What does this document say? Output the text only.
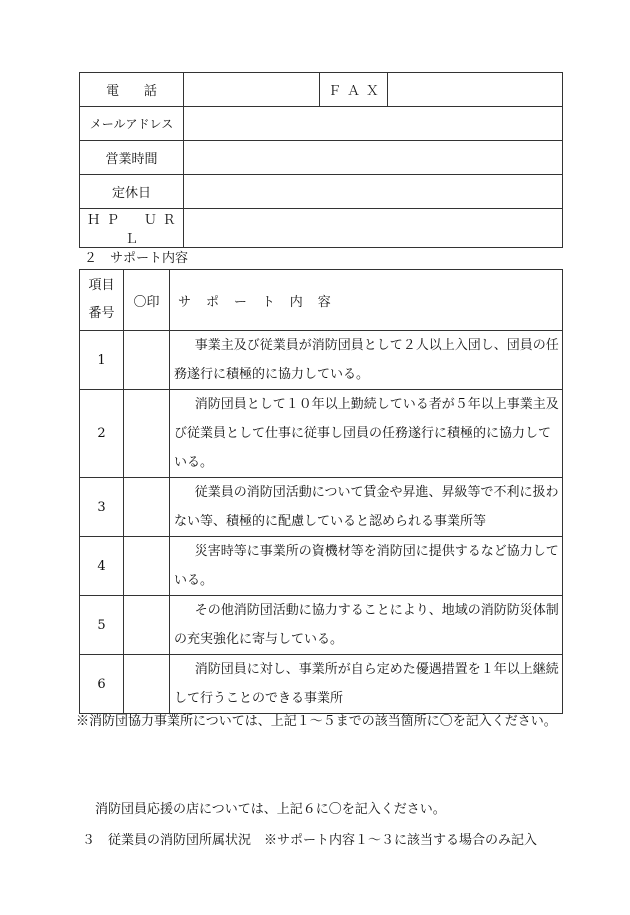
電　話		ＦＡＸ	
メールアドレス			
営業時間			
定休日			
ＨＰ　ＵＲＬ			
２　サポート内容
項目
番号	〇印	サポート内容
1		事業主及び従業員が消防団員として２人以上入団し、団員の任務遂行に積極的に協力している。
2		消防団員として１０年以上勤続している者が５年以上事業主及び従業員として仕事に従事し団員の任務遂行に積極的に協力している。
3		従業員の消防団活動について賃金や昇進、昇級等で不利に扱わない等、積極的に配慮していると認められる事業所等
4		災害時等に事業所の資機材等を消防団に提供するなど協力している。
5		その他消防団活動に協力することにより、地域の消防防災体制の充実強化に寄与している。
6		消防団員に対し、事業所が自ら定めた優遇措置を１年以上継続して行うことのできる事業所
※消防団協力事業所については、上記１～５までの該当箇所に〇を記入ください。
　消防団員応援の店については、上記６に〇を記入ください。
３　従業員の消防団所属状況　※サポート内容１～３に該当する場合のみ記入
